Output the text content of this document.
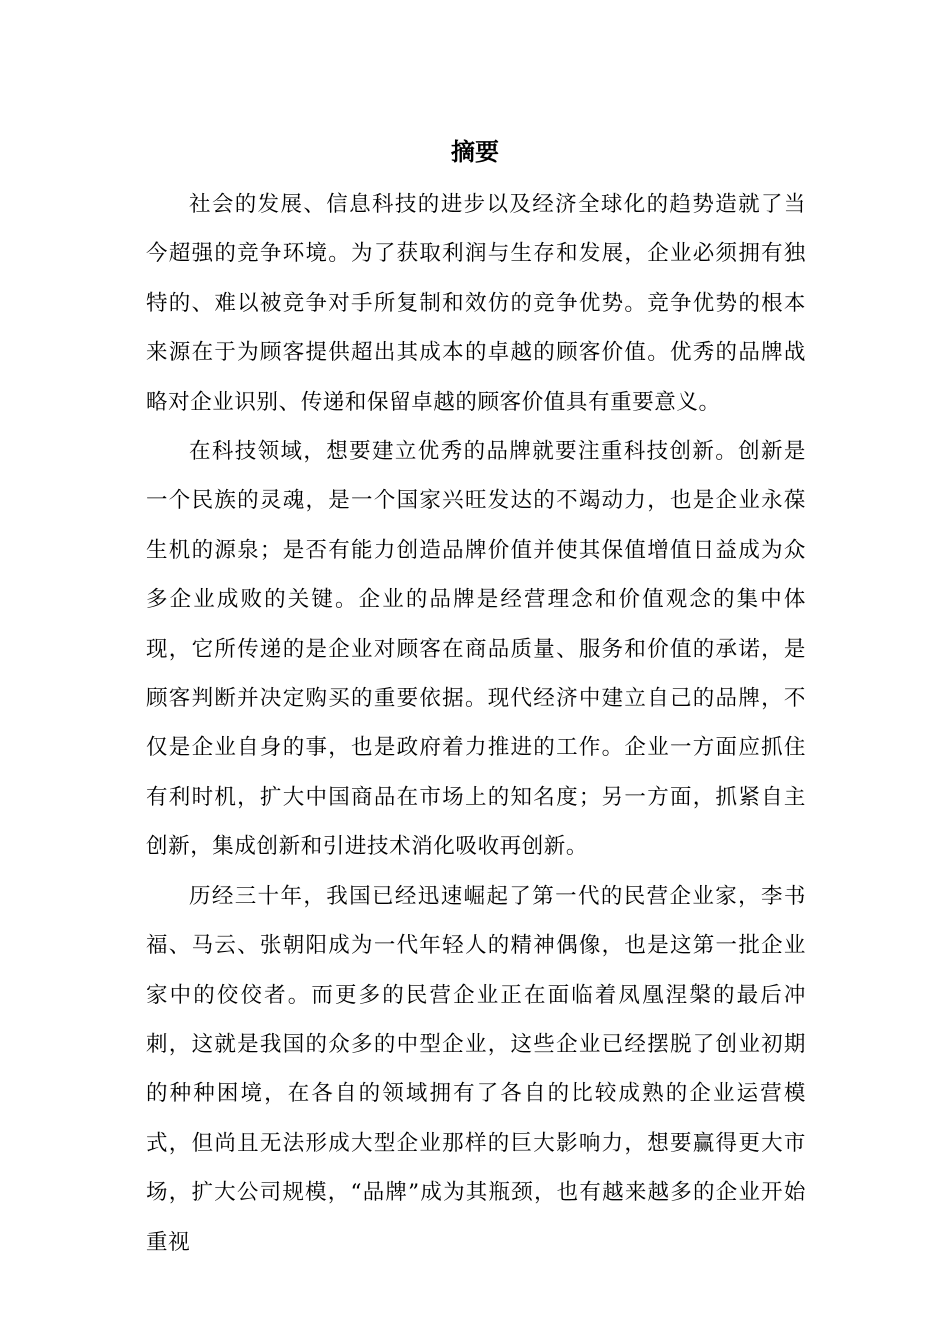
摘要

社会的发展、信息科技的进步以及经济全球化的趋势造就了当今超强的竞争环境。为了获取利润与生存和发展，企业必须拥有独特的、难以被竞争对手所复制和效仿的竞争优势。竞争优势的根本来源在于为顾客提供超出其成本的卓越的顾客价值。优秀的品牌战略对企业识别、传递和保留卓越的顾客价值具有重要意义。

在科技领域，想要建立优秀的品牌就要注重科技创新。创新是一个民族的灵魂，是一个国家兴旺发达的不竭动力，也是企业永葆生机的源泉；是否有能力创造品牌价值并使其保值增值日益成为众多企业成败的关键。企业的品牌是经营理念和价值观念的集中体现，它所传递的是企业对顾客在商品质量、服务和价值的承诺，是顾客判断并决定购买的重要依据。现代经济中建立自己的品牌，不仅是企业自身的事，也是政府着力推进的工作。企业一方面应抓住有利时机，扩大中国商品在市场上的知名度；另一方面，抓紧自主创新，集成创新和引进技术消化吸收再创新。

历经三十年，我国已经迅速崛起了第一代的民营企业家，李书福、马云、张朝阳成为一代年轻人的精神偶像，也是这第一批企业家中的佼佼者。而更多的民营企业正在面临着凤凰涅槃的最后冲刺，这就是我国的众多的中型企业，这些企业已经摆脱了创业初期的种种困境，在各自的领域拥有了各自的比较成熟的企业运营模式，但尚且无法形成大型企业那样的巨大影响力，想要赢得更大市场，扩大公司规模，“品牌”成为其瓶颈，也有越来越多的企业开始重视
